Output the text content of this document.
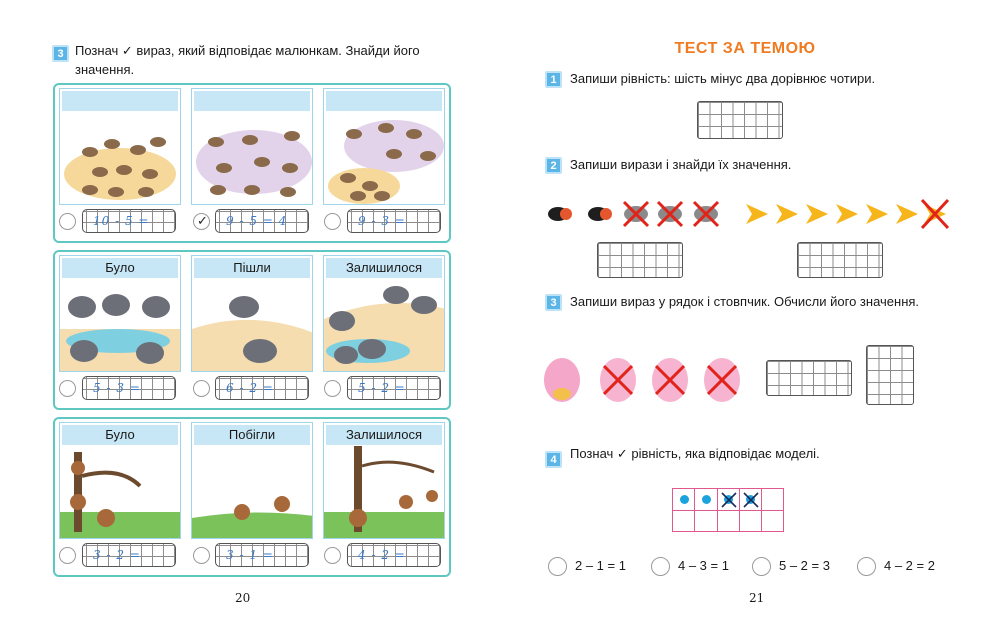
3 Познач ✓ вираз, який відповідає малюнкам. Знайди його
значення.
10 - 5 =	✓ 9 - 5 = 4	9 - 3 =
Було	Пішли	Залишилося
5 - 3 =	6 - 2 =	5 - 2 =
Було	Побігли	Залишилося
3 - 2 =	3 - 1 =	4 - 2 =
20
ТЕСТ ЗА ТЕМОЮ
1	Запиши рівність: шість мінус два дорівнює чотири.
2	Запиши вирази і знайди їх значення.
3	Запиши вираз у рядок і стовпчик. Обчисли його значення.
4	Познач ✓ рівність, яка відповідає моделі.
2 – 1 = 1	4 – 3 = 1	5 – 2 = 3	4 – 2 = 2
21
